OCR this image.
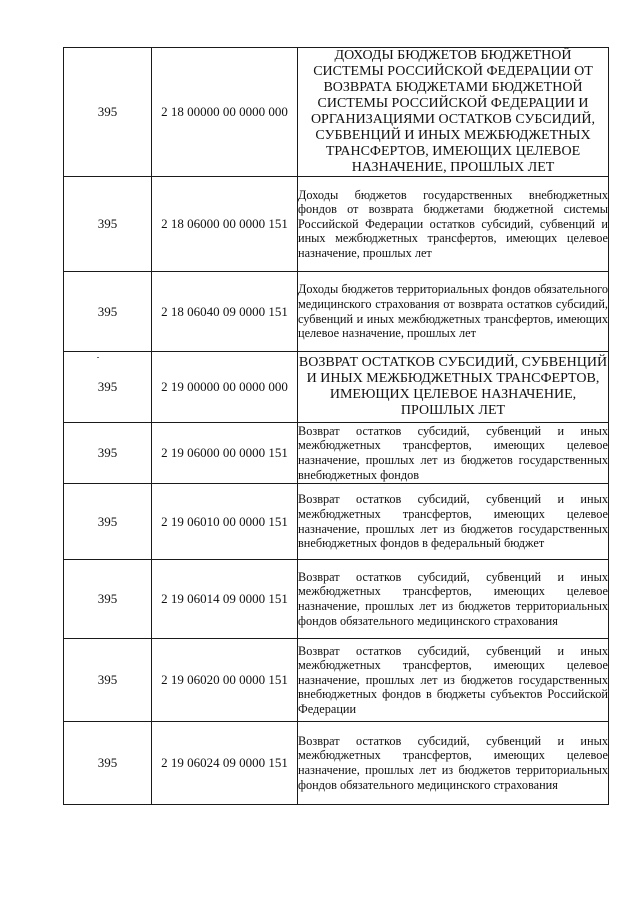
395	2 18 00000 00 0000 000	ДОХОДЫ БЮДЖЕТОВ БЮДЖЕТНОЙ СИСТЕМЫ РОССИЙСКОЙ ФЕДЕРАЦИИ ОТ ВОЗВРАТА БЮДЖЕТАМИ БЮДЖЕТНОЙ СИСТЕМЫ РОССИЙСКОЙ ФЕДЕРАЦИИ И ОРГАНИЗАЦИЯМИ ОСТАТКОВ СУБСИДИЙ, СУБВЕНЦИЙ И ИНЫХ МЕЖБЮДЖЕТНЫХ ТРАНСФЕРТОВ, ИМЕЮЩИХ ЦЕЛЕВОЕ НАЗНАЧЕНИЕ, ПРОШЛЫХ ЛЕТ

395	2 18 06000 00 0000 151	Доходы бюджетов государственных внебюджетных фондов от возврата бюджетами бюджетной системы Российской Федерации остатков субсидий, субвенций и иных межбюджетных трансфертов, имеющих целевое назначение, прошлых лет

395	2 18 06040 09 0000 151	Доходы бюджетов территориальных фондов обязательного медицинского страхования от возврата остатков субсидий, субвенций и иных межбюджетных трансфертов, имеющих целевое назначение, прошлых лет

395	2 19 00000 00 0000 000	ВОЗВРАТ ОСТАТКОВ СУБСИДИЙ, СУБВЕНЦИЙ И ИНЫХ МЕЖБЮДЖЕТНЫХ ТРАНСФЕРТОВ, ИМЕЮЩИХ ЦЕЛЕВОЕ НАЗНАЧЕНИЕ, ПРОШЛЫХ ЛЕТ

395	2 19 06000 00 0000 151	Возврат остатков субсидий, субвенций и иных межбюджетных трансфертов, имеющих целевое назначение, прошлых лет из бюджетов государственных внебюджетных фондов

395	2 19 06010 00 0000 151	Возврат остатков субсидий, субвенций и иных межбюджетных трансфертов, имеющих целевое назначение, прошлых лет из бюджетов государственных внебюджетных фондов в федеральный бюджет

395	2 19 06014 09 0000 151	Возврат остатков субсидий, субвенций и иных межбюджетных трансфертов, имеющих целевое назначение, прошлых лет из бюджетов территориальных фондов обязательного медицинского страхования

395	2 19 06020 00 0000 151	Возврат остатков субсидий, субвенций и иных межбюджетных трансфертов, имеющих целевое назначение, прошлых лет из бюджетов государственных внебюджетных фондов в бюджеты субъектов Российской Федерации

395	2 19 06024 09 0000 151	Возврат остатков субсидий, субвенций и иных межбюджетных трансфертов, имеющих целевое назначение, прошлых лет из бюджетов территориальных фондов обязательного медицинского страхования
